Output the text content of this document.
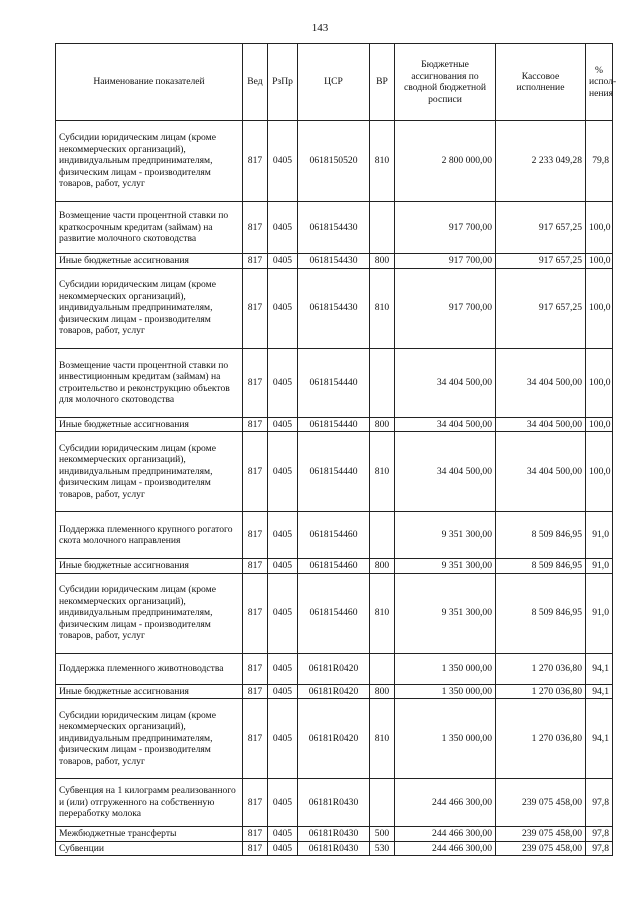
143
Наименование показателей	Вед	РзПр	ЦСР	ВР	Бюджетные ассигнования по сводной бюджетной росписи	Кассовое исполнение	% испол-нения
Субсидии юридическим лицам (кроме некоммерческих организаций), индивидуальным предпринимателям, физическим лицам - производителям товаров, работ, услуг	817	0405	0618150520	810	2 800 000,00	2 233 049,28	79,8
Возмещение части процентной ставки по краткосрочным кредитам (займам) на развитие молочного скотоводства	817	0405	0618154430		917 700,00	917 657,25	100,0
Иные бюджетные ассигнования	817	0405	0618154430	800	917 700,00	917 657,25	100,0
Субсидии юридическим лицам (кроме некоммерческих организаций), индивидуальным предпринимателям, физическим лицам - производителям товаров, работ, услуг	817	0405	0618154430	810	917 700,00	917 657,25	100,0
Возмещение части процентной ставки по инвестиционным кредитам (займам) на строительство и реконструкцию объектов для молочного скотоводства	817	0405	0618154440		34 404 500,00	34 404 500,00	100,0
Иные бюджетные ассигнования	817	0405	0618154440	800	34 404 500,00	34 404 500,00	100,0
Субсидии юридическим лицам (кроме некоммерческих организаций), индивидуальным предпринимателям, физическим лицам - производителям товаров, работ, услуг	817	0405	0618154440	810	34 404 500,00	34 404 500,00	100,0
Поддержка племенного крупного рогатого скота молочного направления	817	0405	0618154460		9 351 300,00	8 509 846,95	91,0
Иные бюджетные ассигнования	817	0405	0618154460	800	9 351 300,00	8 509 846,95	91,0
Субсидии юридическим лицам (кроме некоммерческих организаций), индивидуальным предпринимателям, физическим лицам - производителям товаров, работ, услуг	817	0405	0618154460	810	9 351 300,00	8 509 846,95	91,0
Поддержка племенного животноводства	817	0405	06181R0420		1 350 000,00	1 270 036,80	94,1
Иные бюджетные ассигнования	817	0405	06181R0420	800	1 350 000,00	1 270 036,80	94,1
Субсидии юридическим лицам (кроме некоммерческих организаций), индивидуальным предпринимателям, физическим лицам - производителям товаров, работ, услуг	817	0405	06181R0420	810	1 350 000,00	1 270 036,80	94,1
Субвенция на 1 килограмм реализованного и (или) отгруженного на собственную переработку молока	817	0405	06181R0430		244 466 300,00	239 075 458,00	97,8
Межбюджетные трансферты	817	0405	06181R0430	500	244 466 300,00	239 075 458,00	97,8
Субвенции	817	0405	06181R0430	530	244 466 300,00	239 075 458,00	97,8
